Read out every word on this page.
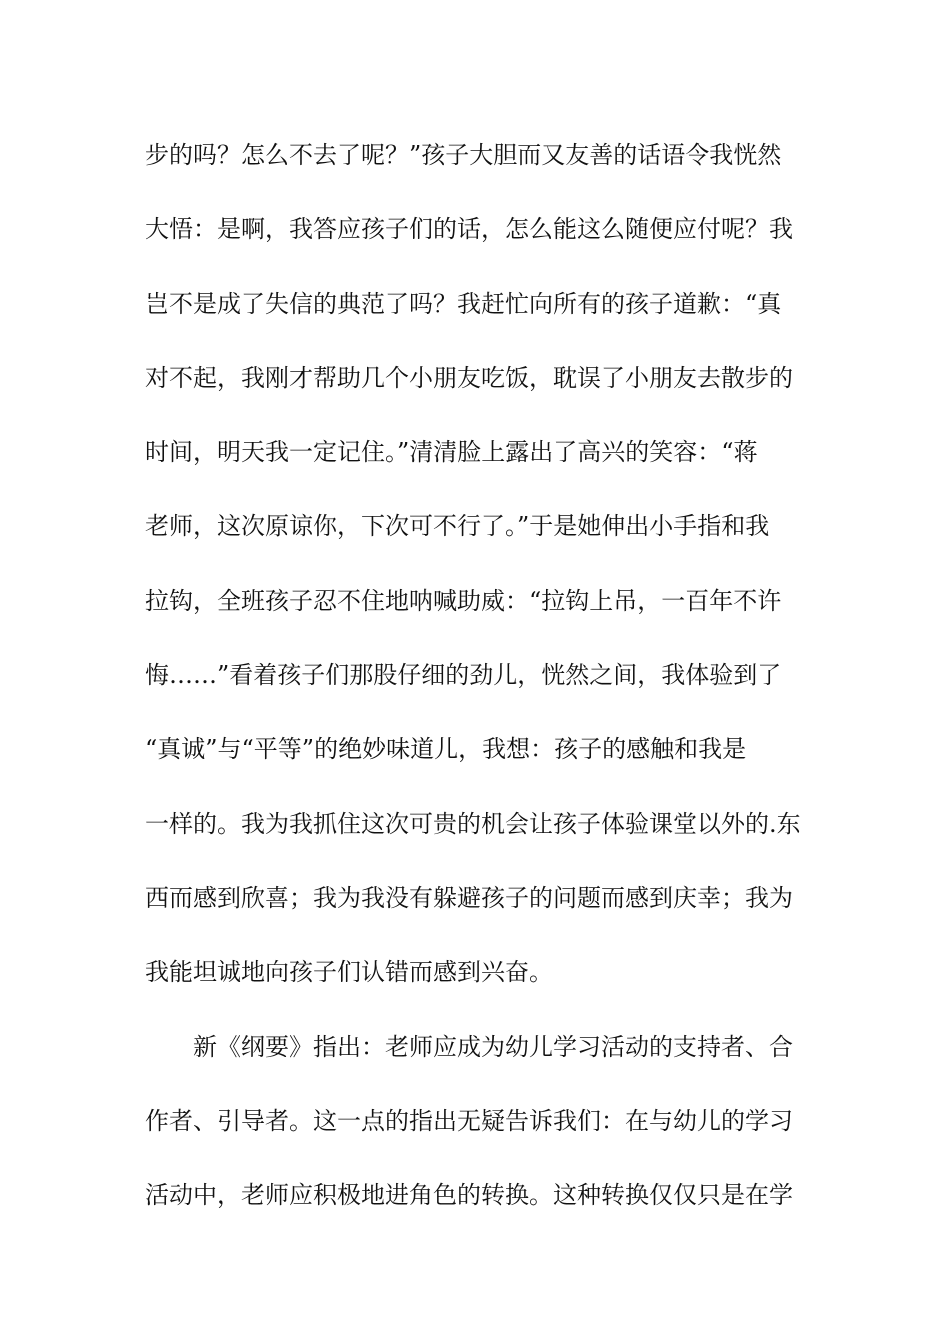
步的吗？怎么不去了呢？”孩子大胆而又友善的话语令我恍然
大悟：是啊，我答应孩子们的话，怎么能这么随便应付呢？我
岂不是成了失信的典范了吗？我赶忙向所有的孩子道歉：“真
对不起，我刚才帮助几个小朋友吃饭，耽误了小朋友去散步的
时间，明天我一定记住。”清清脸上露出了高兴的笑容：“蒋
老师，这次原谅你，下次可不行了。”于是她伸出小手指和我
拉钩，全班孩子忍不住地呐喊助威：“拉钩上吊，一百年不许
悔……”看着孩子们那股仔细的劲儿，恍然之间，我体验到了
“真诚”与“平等”的绝妙味道儿，我想：孩子的感触和我是
一样的。我为我抓住这次可贵的机会让孩子体验课堂以外的.东
西而感到欣喜；我为我没有躲避孩子的问题而感到庆幸；我为
我能坦诚地向孩子们认错而感到兴奋。
新《纲要》指出：老师应成为幼儿学习活动的支持者、合
作者、引导者。这一点的指出无疑告诉我们：在与幼儿的学习
活动中，老师应积极地进角色的转换。这种转换仅仅只是在学
